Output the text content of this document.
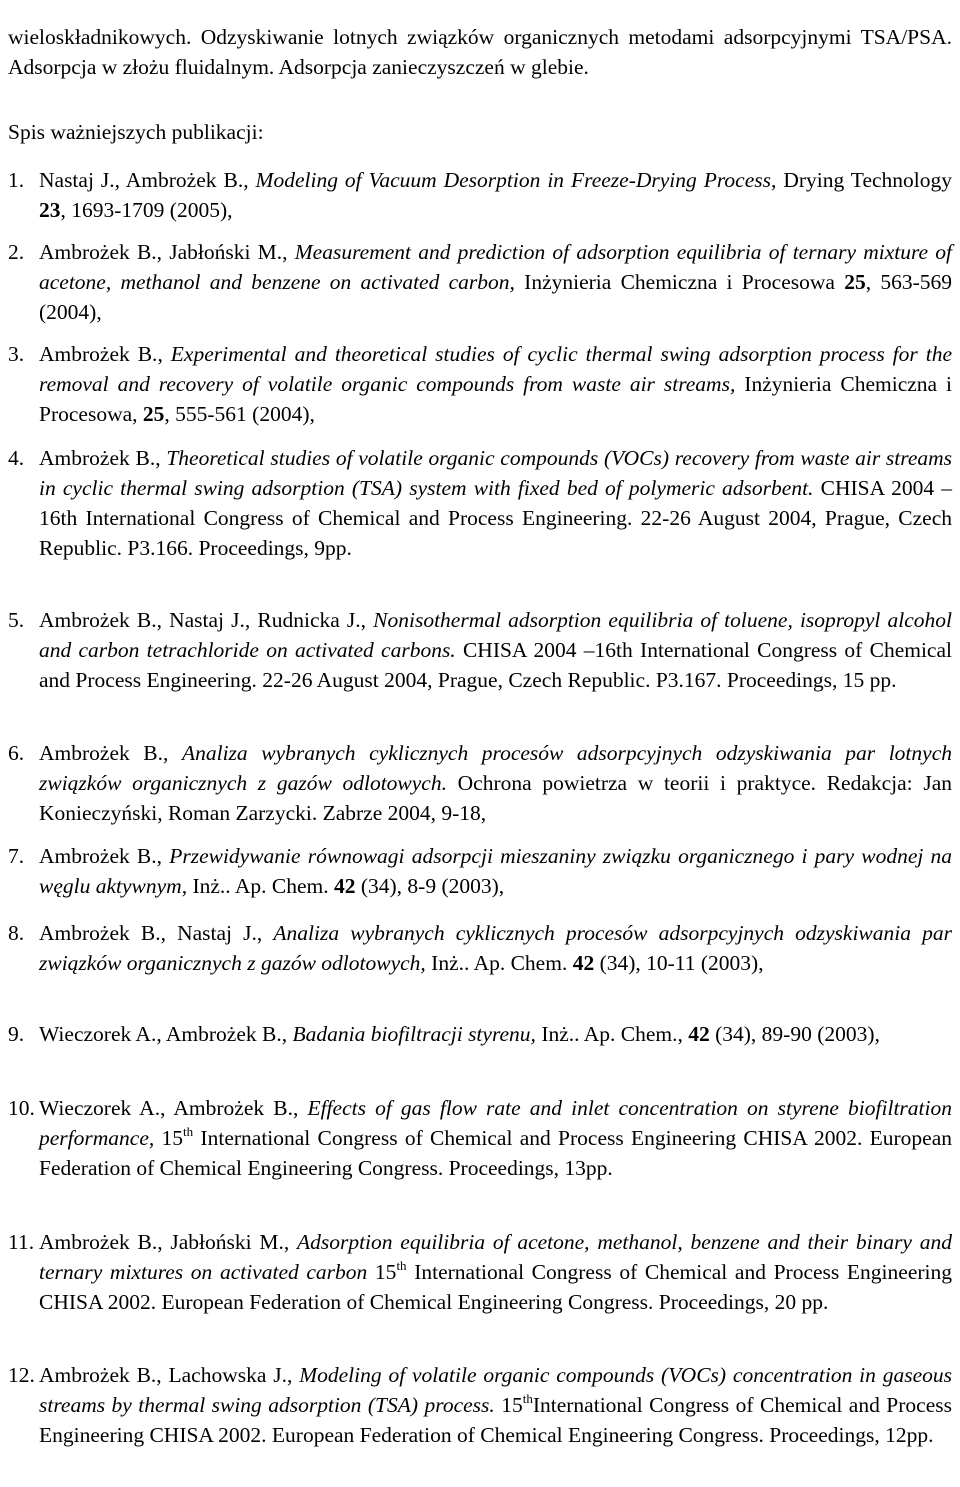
wieloskładnikowych. Odzyskiwanie lotnych związków organicznych metodami adsorpcyjnymi TSA/PSA. Adsorpcja w złożu fluidalnym. Adsorpcja zanieczyszczeń w glebie.

Spis ważniejszych publikacji:
1. Nastaj J., Ambrożek B., Modeling of Vacuum Desorption in Freeze-Drying Process, Drying Technology 23, 1693-1709 (2005),
2. Ambrożek B., Jabłoński M., Measurement and prediction of adsorption equilibria of ternary mixture of acetone, methanol and benzene on activated carbon, Inżynieria Chemiczna i Procesowa 25, 563-569 (2004),
3. Ambrożek B., Experimental and theoretical studies of cyclic thermal swing adsorption process for the removal and recovery of volatile organic compounds from waste air streams, Inżynieria Chemiczna i Procesowa, 25, 555-561 (2004),
4. Ambrożek B., Theoretical studies of volatile organic compounds (VOCs) recovery from waste air streams in cyclic thermal swing adsorption (TSA) system with fixed bed of polymeric adsorbent. CHISA 2004 –16th International Congress of Chemical and Process Engineering. 22-26 August 2004, Prague, Czech Republic. P3.166. Proceedings, 9pp.
5. Ambrożek B., Nastaj J., Rudnicka J., Nonisothermal adsorption equilibria of toluene, isopropyl alcohol and carbon tetrachloride on activated carbons. CHISA 2004 –16th International Congress of Chemical and Process Engineering. 22-26 August 2004, Prague, Czech Republic. P3.167. Proceedings, 15 pp.
6. Ambrożek B., Analiza wybranych cyklicznych procesów adsorpcyjnych odzyskiwania par lotnych związków organicznych z gazów odlotowych. Ochrona powietrza w teorii i praktyce. Redakcja: Jan Konieczyński, Roman Zarzycki. Zabrze 2004, 9-18,
7. Ambrożek B., Przewidywanie równowagi adsorpcji mieszaniny związku organicznego i pary wodnej na węglu aktywnym, Inż.. Ap. Chem. 42 (34), 8-9 (2003),
8. Ambrożek B., Nastaj J., Analiza wybranych cyklicznych procesów adsorpcyjnych odzyskiwania par związków organicznych z gazów odlotowych, Inż.. Ap. Chem. 42 (34), 10-11 (2003),
9. Wieczorek A., Ambrożek B., Badania biofiltracji styrenu, Inż.. Ap. Chem., 42 (34), 89-90 (2003),
10. Wieczorek A., Ambrożek B., Effects of gas flow rate and inlet concentration on styrene biofiltration performance, 15th International Congress of Chemical and Process Engineering CHISA 2002. European Federation of Chemical Engineering Congress. Proceedings, 13pp.
11. Ambrożek B., Jabłoński M., Adsorption equilibria of acetone, methanol, benzene and their binary and ternary mixtures on activated carbon 15th International Congress of Chemical and Process Engineering CHISA 2002. European Federation of Chemical Engineering Congress. Proceedings, 20 pp.
12. Ambrożek B., Lachowska J., Modeling of volatile organic compounds (VOCs) concentration in gaseous streams by thermal swing adsorption (TSA) process. 15thInternational Congress of Chemical and Process Engineering CHISA 2002. European Federation of Chemical Engineering Congress. Proceedings, 12pp.
